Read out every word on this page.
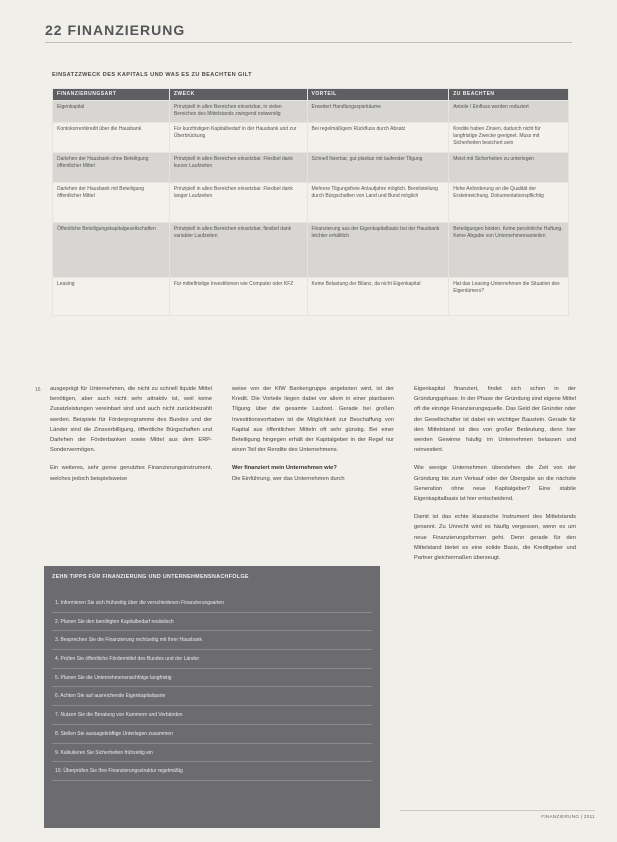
22 FINANZIERUNG
EINSATZZWECK DES KAPITALS UND WAS ES ZU BEACHTEN GILT
FINANZIERUNGSART	ZWECK	VORTEIL	ZU BEACHTEN
Eigenkapital	Prinzipiell in allen Bereichen einsetzbar, in vielen Bereichen des Mittelstands zwingend notwendig	Erweitert Handlungsspielräume	Anteile / Einfluss werden reduziert
Kontokorrentkredit über die Hausbank	Für kurzfristigen Kapitalbedarf in der Hausbank und zur Überbrückung	Bei regelmäßigem Rückfluss durch Absatz	Kredite haben Zinsen, dadurch nicht für langfristige Zwecke geeignet. Muss mit Sicherheiten besichert sein
Darlehen der Hausbank ohne Beteiligung öffentlicher Mittel	Prinzipiell in allen Bereichen einsetzbar. Flexibel dank kurzer Laufzeiten	Schnell fixierbar, gut planbar mit laufender Tilgung	Meist mit Sicherheiten zu unterlegen
Darlehen der Hausbank mit Beteiligung öffentlicher Mittel	Prinzipiell in allen Bereichen einsetzbar. Flexibel dank langer Laufzeiten	Mehrere Tilgungsfreie Anlaufjahre möglich. Bereitstellung durch Bürgschaften von Land und Bund möglich	Hohe Anforderung an die Qualität der Ersteinreichung. Dokumentationspflichtig
Öffentliche Beteiligungskapitalgesellschaften	Prinzipiell in allen Bereichen einsetzbar, flexibel dank variabler Laufzeiten	Finanzierung aus der Eigenkapitalbasis bei der Hausbank leichter erhältlich	Beteiligungen binden. Keine persönliche Haftung. Keine Abgabe von Unternehmensanteilen
Leasing	Für mittelfristige Investitionen wie Computer oder KFZ	Keine Belastung der Bilanz, da nicht Eigenkapital	Hat das Leasing-Unternehmen die Situation des Eigentümers?
16 ausgeprägt für Unternehmen, die nicht zu schnell liquide Mittel benötigen, aber auch nicht sehr attraktiv ist, weil keine Zusatzleistungen vereinbart sind und auch nicht zurückbezahlt werden. Beispiele für Förderprogramme des Bundes und der Länder sind die Zinsverbilligung, öffentliche Bürgschaften und Darlehen der Förderbanken sowie Mittel aus dem ERP-Sondervermögen.

Ein weiteres, sehr gerne genutztes Finanzierungsinstrument, welches jedoch beispielsweise

weise von der KfW Bankengruppe angeboten wird, ist der Kredit. Die Vorteile liegen dabei vor allem in einer planbaren Tilgung über die gesamte Laufzeit. Gerade bei großen Investitionsvorhaben ist die Möglichkeit zur Beschaffung von Kapital aus öffentlichen Mitteln oft sehr günstig. Bei einer Beteiligung hingegen erhält der Kapitalgeber in der Regel nur einen Teil der Rendite des Unternehmens.

Wer finanziert mein Unternehmen wie?

Die Einführung, wer das Unternehmen durch

Eigenkapital finanziert, findet sich schon in der Gründungsphase. In der Phase der Gründung sind eigene Mittel oft die einzige Finanzierungsquelle. Das Geld der Gründer oder der Gesellschafter ist dabei ein wichtiger Baustein. Gerade für den Mittelstand ist dies von großer Bedeutung, denn hier werden Gewinne häufig im Unternehmen belassen und reinvestiert.

Wie wenige Unternehmen überstehen die Zeit von der Gründung bis zum Verkauf oder der Übergabe an die nächste Generation ohne neue Kapitalgeber? Eine stabile Eigenkapitalbasis ist hier entscheidend.

Damit ist das echte klassische Instrument des Mittelstands genannt. Zu Unrecht wird es häufig vergessen, wenn es um neue Finanzierungsformen geht. Denn gerade für den Mittelstand bietet es eine solide Basis, die Kreditgeber und Partner gleichermaßen überzeugt.

ZEHN TIPPS FÜR FINANZIERUNG UND UNTERNEHMENSNACHFOLGE
1. Informieren Sie sich frühzeitig über die verschiedenen Finanzierungsarten
2. Planen Sie den benötigten Kapitalbedarf realistisch
3. Besprechen Sie die Finanzierung rechtzeitig mit Ihrer Hausbank
4. Prüfen Sie öffentliche Fördermittel des Bundes und der Länder
5. Planen Sie die Unternehmensnachfolge langfristig
6. Achten Sie auf ausreichende Eigenkapitalquote
7. Nutzen Sie die Beratung von Kammern und Verbänden
8. Stellen Sie aussagekräftige Unterlagen zusammen
9. Kalkulieren Sie Sicherheiten frühzeitig ein
10. Überprüfen Sie Ihre Finanzierungsstruktur regelmäßig
FINANZIERUNG | 2011
